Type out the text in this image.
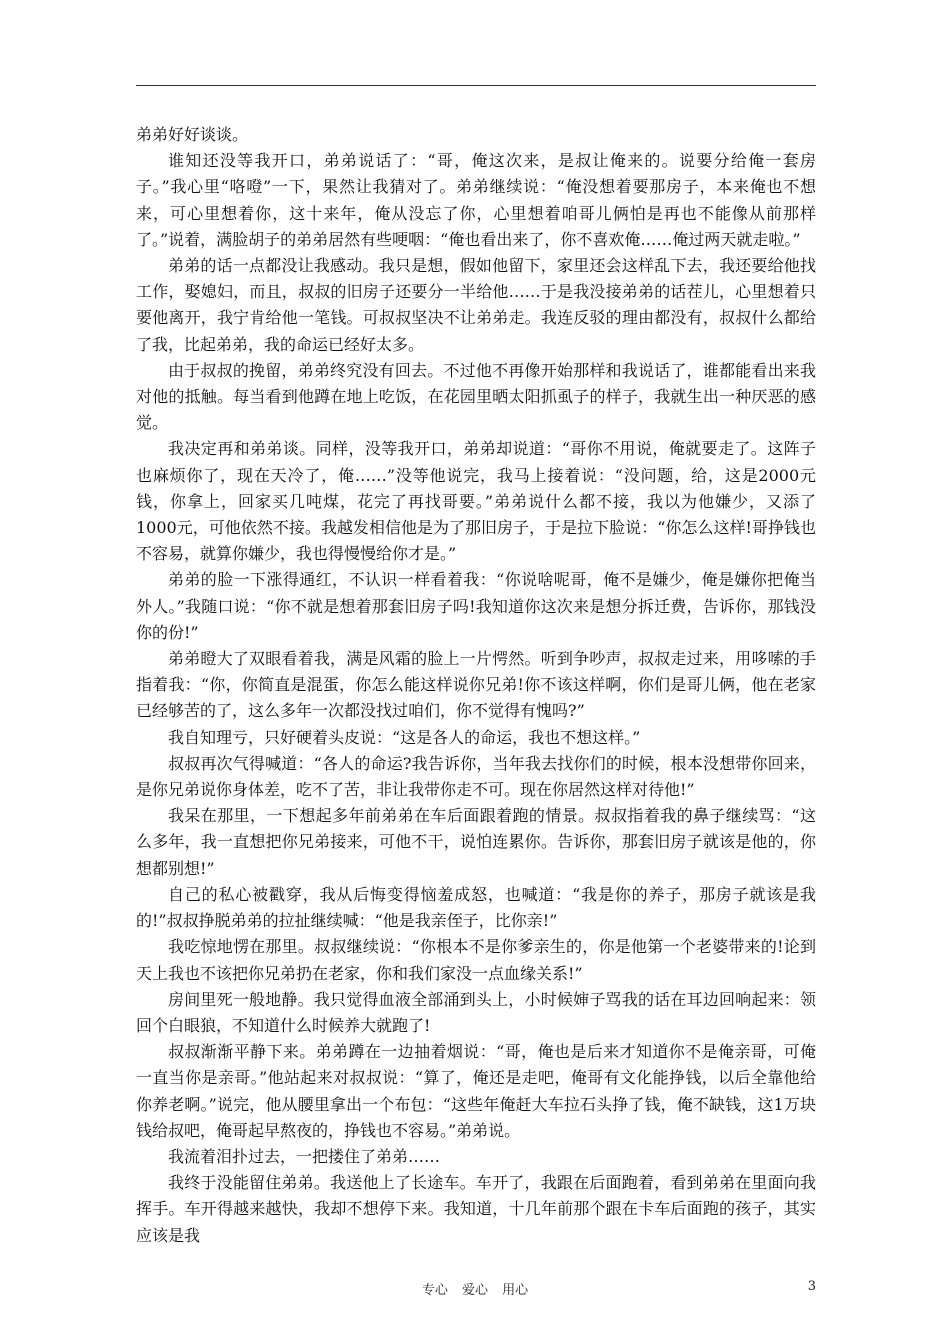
弟弟好好谈谈。

谁知还没等我开口，弟弟说话了：“哥，俺这次来，是叔让俺来的。说要分给俺一套房子。”我心里“咯噔”一下，果然让我猜对了。弟弟继续说：“俺没想着要那房子，本来俺也不想来，可心里想着你，这十来年，俺从没忘了你，心里想着咱哥儿俩怕是再也不能像从前那样了。”说着，满脸胡子的弟弟居然有些哽咽：“俺也看出来了，你不喜欢俺……俺过两天就走啦。”

弟弟的话一点都没让我感动。我只是想，假如他留下，家里还会这样乱下去，我还要给他找工作，娶媳妇，而且，叔叔的旧房子还要分一半给他……于是我没接弟弟的话茬儿，心里想着只要他离开，我宁肯给他一笔钱。可叔叔坚决不让弟弟走。我连反驳的理由都没有，叔叔什么都给了我，比起弟弟，我的命运已经好太多。

由于叔叔的挽留，弟弟终究没有回去。不过他不再像开始那样和我说话了，谁都能看出来我对他的抵触。每当看到他蹲在地上吃饭，在花园里晒太阳抓虱子的样子，我就生出一种厌恶的感觉。

我决定再和弟弟谈。同样，没等我开口，弟弟却说道：“哥你不用说，俺就要走了。这阵子也麻烦你了，现在天冷了，俺……”没等他说完，我马上接着说：“没问题，给，这是2000元钱，你拿上，回家买几吨煤，花完了再找哥要。”弟弟说什么都不接，我以为他嫌少，又添了1000元，可他依然不接。我越发相信他是为了那旧房子，于是拉下脸说：“你怎么这样!哥挣钱也不容易，就算你嫌少，我也得慢慢给你才是。”

弟弟的脸一下涨得通红，不认识一样看着我：“你说啥呢哥，俺不是嫌少，俺是嫌你把俺当外人。”我随口说：“你不就是想着那套旧房子吗!我知道你这次来是想分拆迁费，告诉你，那钱没你的份!”

弟弟瞪大了双眼看着我，满是风霜的脸上一片愕然。听到争吵声，叔叔走过来，用哆嗦的手指着我：“你，你简直是混蛋，你怎么能这样说你兄弟!你不该这样啊，你们是哥儿俩，他在老家已经够苦的了，这么多年一次都没找过咱们，你不觉得有愧吗?”

我自知理亏，只好硬着头皮说：“这是各人的命运，我也不想这样。”

叔叔再次气得喊道：“各人的命运?我告诉你，当年我去找你们的时候，根本没想带你回来，是你兄弟说你身体差，吃不了苦，非让我带你走不可。现在你居然这样对待他!”

我呆在那里，一下想起多年前弟弟在车后面跟着跑的情景。叔叔指着我的鼻子继续骂：“这么多年，我一直想把你兄弟接来，可他不干，说怕连累你。告诉你，那套旧房子就该是他的，你想都别想!”

自己的私心被戳穿，我从后悔变得恼羞成怒，也喊道：“我是你的养子，那房子就该是我的!”叔叔挣脱弟弟的拉扯继续喊：“他是我亲侄子，比你亲!”

我吃惊地愣在那里。叔叔继续说：“你根本不是你爹亲生的，你是他第一个老婆带来的!论到天上我也不该把你兄弟扔在老家，你和我们家没一点血缘关系!”

房间里死一般地静。我只觉得血液全部涌到头上，小时候婶子骂我的话在耳边回响起来：领回个白眼狼，不知道什么时候养大就跑了!

叔叔渐渐平静下来。弟弟蹲在一边抽着烟说：“哥，俺也是后来才知道你不是俺亲哥，可俺一直当你是亲哥。”他站起来对叔叔说：“算了，俺还是走吧，俺哥有文化能挣钱，以后全靠他给你养老啊。”说完，他从腰里拿出一个布包：“这些年俺赶大车拉石头挣了钱，俺不缺钱，这1万块钱给叔吧，俺哥起早熬夜的，挣钱也不容易。”弟弟说。

我流着泪扑过去，一把搂住了弟弟……

我终于没能留住弟弟。我送他上了长途车。车开了，我跟在后面跑着，看到弟弟在里面向我挥手。车开得越来越快，我却不想停下来。我知道，十几年前那个跟在卡车后面跑的孩子，其实应该是我

专心 爱心 用心	3
